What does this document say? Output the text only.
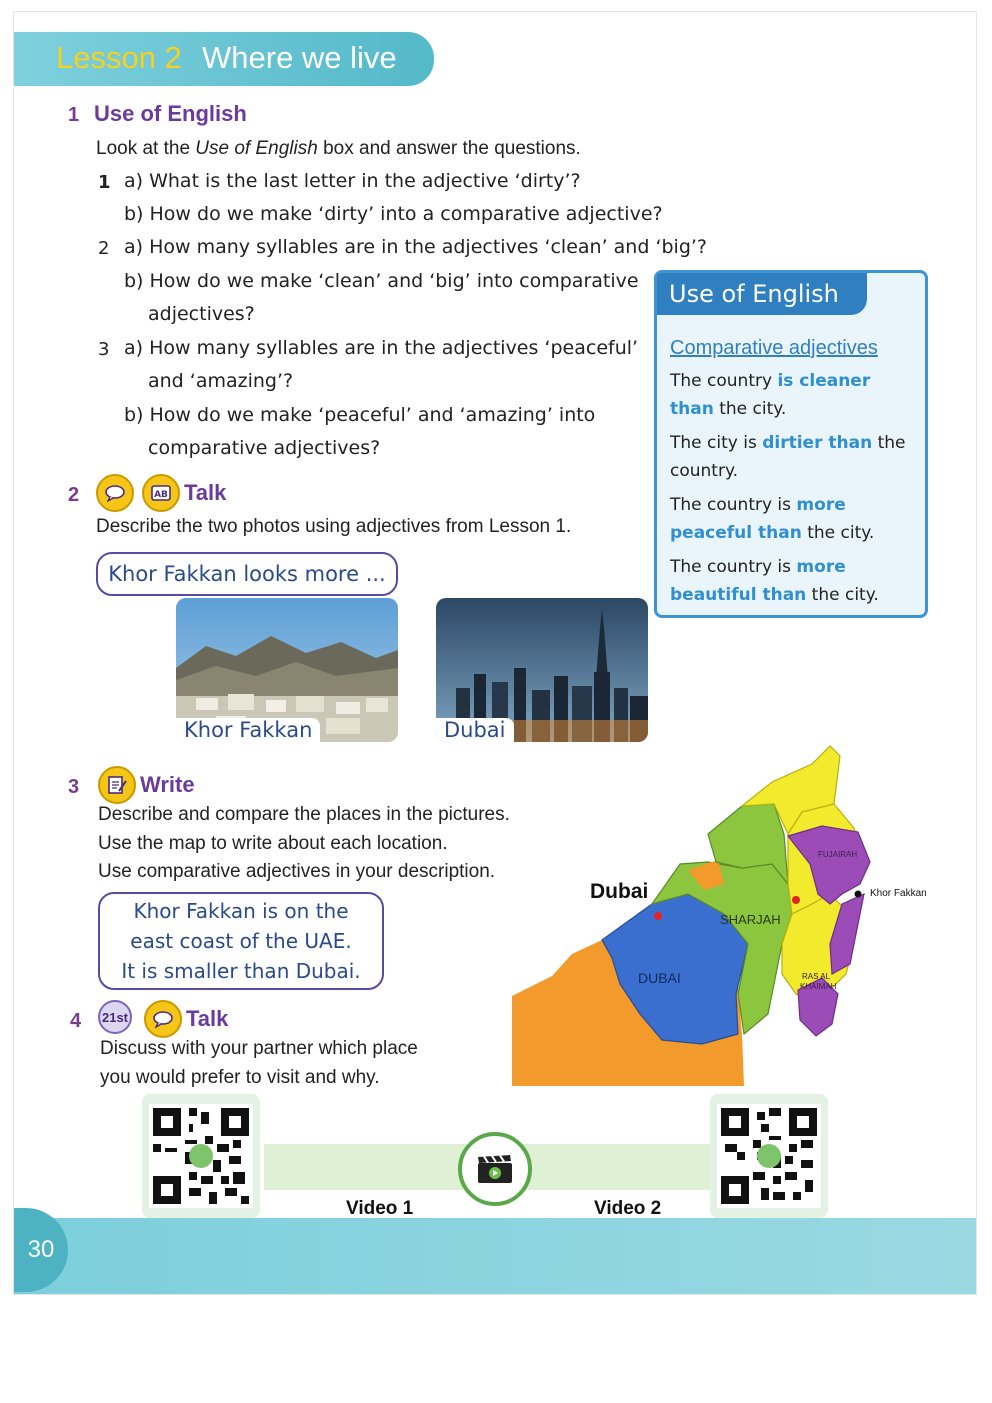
Lesson 2 Where we live
1 Use of English
Look at the Use of English box and answer the questions.
1 a) What is the last letter in the adjective ‘dirty’?
b) How do we make ‘dirty’ into a comparative adjective?
2 a) How many syllables are in the adjectives ‘clean’ and ‘big’?
b) How do we make ‘clean’ and ‘big’ into comparative
adjectives?
3 a) How many syllables are in the adjectives ‘peaceful’
and ‘amazing’?
b) How do we make ‘peaceful’ and ‘amazing’ into
comparative adjectives?
Use of English
Comparative adjectives
The country is cleaner than the city.
The city is dirtier than the country.
The country is more peaceful than the city.
The country is more beautiful than the city.
2	AB Talk
Describe the two photos using adjectives from Lesson 1.
Khor Fakkan looks more ...
Khor Fakkan	Dubai
3	Write
Describe and compare the places in the pictures.
Use the map to write about each location.
Use comparative adjectives in your description.
Khor Fakkan is on the
east coast of the UAE.
It is smaller than Dubai.
4	21st	Talk
Discuss with your partner which place
you would prefer to visit and why.
Dubai	Khor Fakkan
FUJAIRAH
SHARJAH
DUBAI	RAS AL
KHAIMAH
30
Video 1	Video 2
